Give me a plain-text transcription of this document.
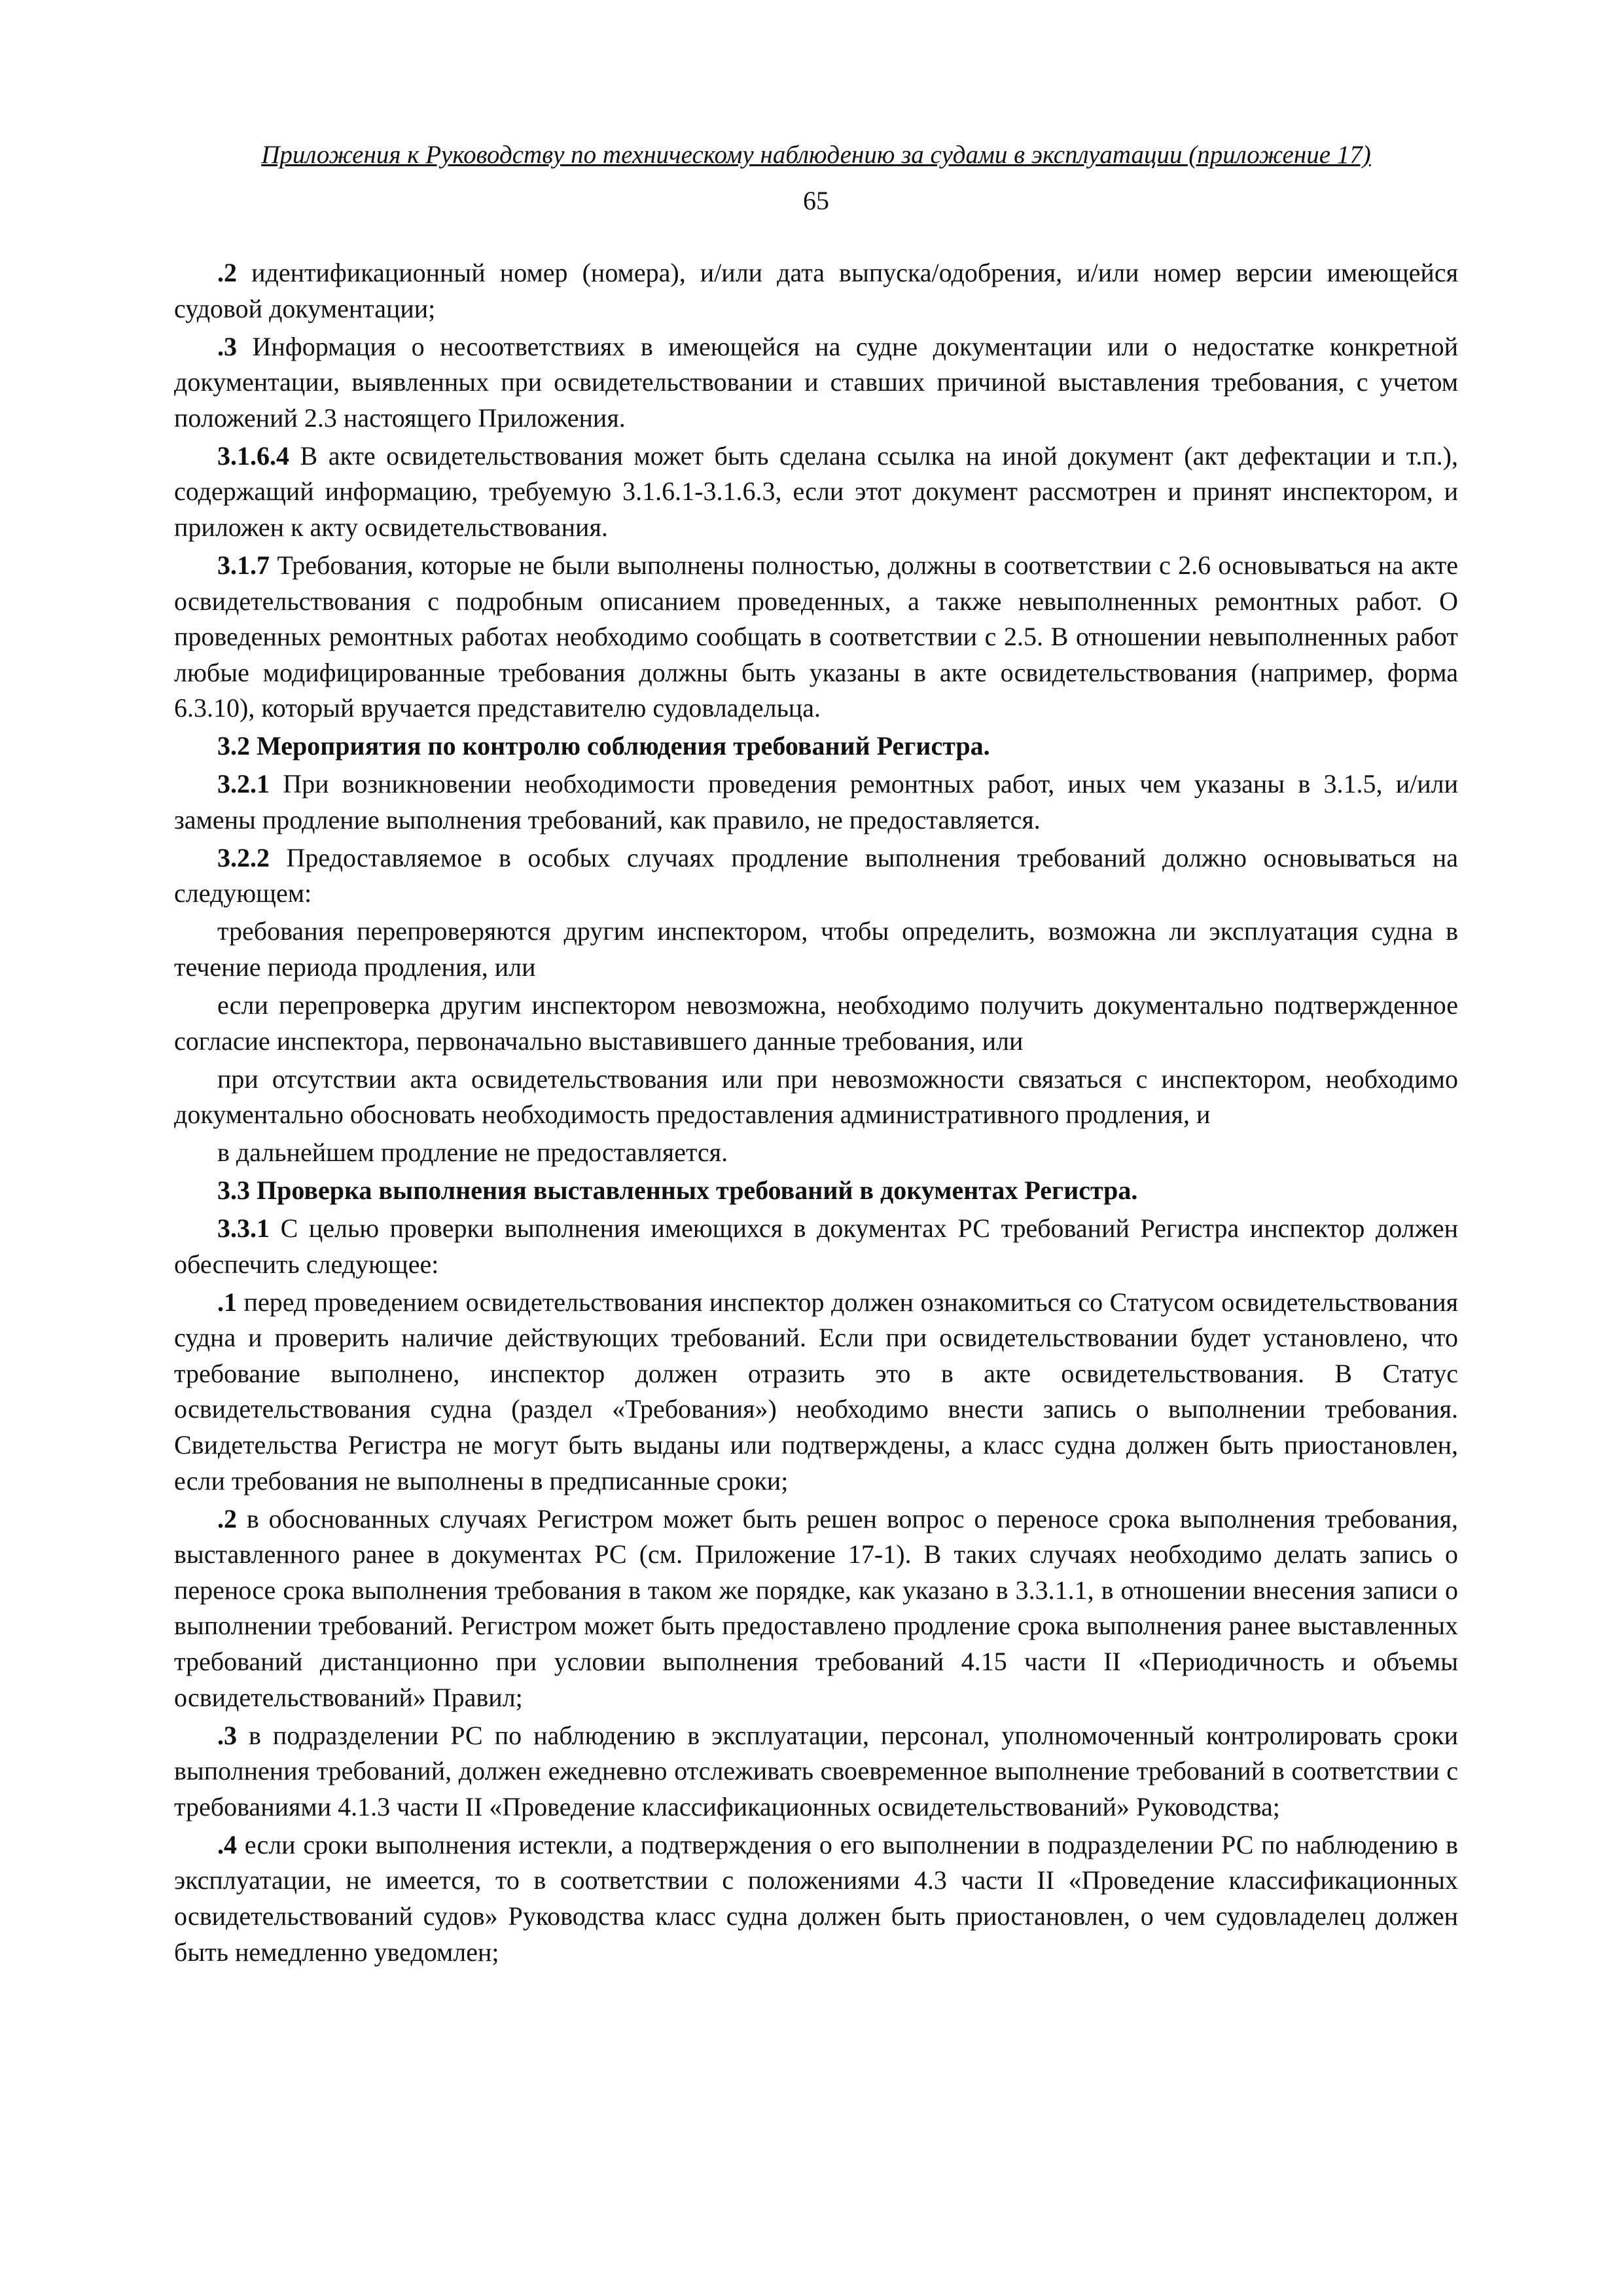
Приложения к Руководству по техническому наблюдению за судами в эксплуатации (приложение 17)
65

.2 идентификационный номер (номера), и/или дата выпуска/одобрения, и/или номер версии имеющейся судовой документации;

.3 Информация о несоответствиях в имеющейся на судне документации или о недостатке конкретной документации, выявленных при освидетельствовании и ставших причиной выставления требования, с учетом положений 2.3 настоящего Приложения.

3.1.6.4 В акте освидетельствования может быть сделана ссылка на иной документ (акт дефектации и т.п.), содержащий информацию, требуемую 3.1.6.1-3.1.6.3, если этот документ рассмотрен и принят инспектором, и приложен к акту освидетельствования.

3.1.7 Требования, которые не были выполнены полностью, должны в соответствии с 2.6 основываться на акте освидетельствования с подробным описанием проведенных, а также невыполненных ремонтных работ. О проведенных ремонтных работах необходимо сообщать в соответствии с 2.5. В отношении невыполненных работ любые модифицированные требования должны быть указаны в акте освидетельствования (например, форма 6.3.10), который вручается представителю судовладельца.

3.2 Мероприятия по контролю соблюдения требований Регистра.

3.2.1 При возникновении необходимости проведения ремонтных работ, иных чем указаны в 3.1.5, и/или замены продление выполнения требований, как правило, не предоставляется.

3.2.2 Предоставляемое в особых случаях продление выполнения требований должно основываться на следующем:

требования перепроверяются другим инспектором, чтобы определить, возможна ли эксплуатация судна в течение периода продления, или

если перепроверка другим инспектором невозможна, необходимо получить документально подтвержденное согласие инспектора, первоначально выставившего данные требования, или

при отсутствии акта освидетельствования или при невозможности связаться с инспектором, необходимо документально обосновать необходимость предоставления административного продления, и

в дальнейшем продление не предоставляется.

3.3 Проверка выполнения выставленных требований в документах Регистра.

3.3.1 С целью проверки выполнения имеющихся в документах РС требований Регистра инспектор должен обеспечить следующее:

.1 перед проведением освидетельствования инспектор должен ознакомиться со Статусом освидетельствования судна и проверить наличие действующих требований. Если при освидетельствовании будет установлено, что требование выполнено, инспектор должен отразить это в акте освидетельствования. В Статус освидетельствования судна (раздел «Требования») необходимо внести запись о выполнении требования. Свидетельства Регистра не могут быть выданы или подтверждены, а класс судна должен быть приостановлен, если требования не выполнены в предписанные сроки;

.2 в обоснованных случаях Регистром может быть решен вопрос о переносе срока выполнения требования, выставленного ранее в документах РС (см. Приложение 17-1). В таких случаях необходимо делать запись о переносе срока выполнения требования в таком же порядке, как указано в 3.3.1.1, в отношении внесения записи о выполнении требований. Регистром может быть предоставлено продление срока выполнения ранее выставленных требований дистанционно при условии выполнения требований 4.15 части II «Периодичность и объемы освидетельствований» Правил;

.3 в подразделении РС по наблюдению в эксплуатации, персонал, уполномоченный контролировать сроки выполнения требований, должен ежедневно отслеживать своевременное выполнение требований в соответствии с требованиями 4.1.3 части II «Проведение классификационных освидетельствований» Руководства;

.4 если сроки выполнения истекли, а подтверждения о его выполнении в подразделении РС по наблюдению в эксплуатации, не имеется, то в соответствии с положениями 4.3 части II «Проведение классификационных освидетельствований судов» Руководства класс судна должен быть приостановлен, о чем судовладелец должен быть немедленно уведомлен;
